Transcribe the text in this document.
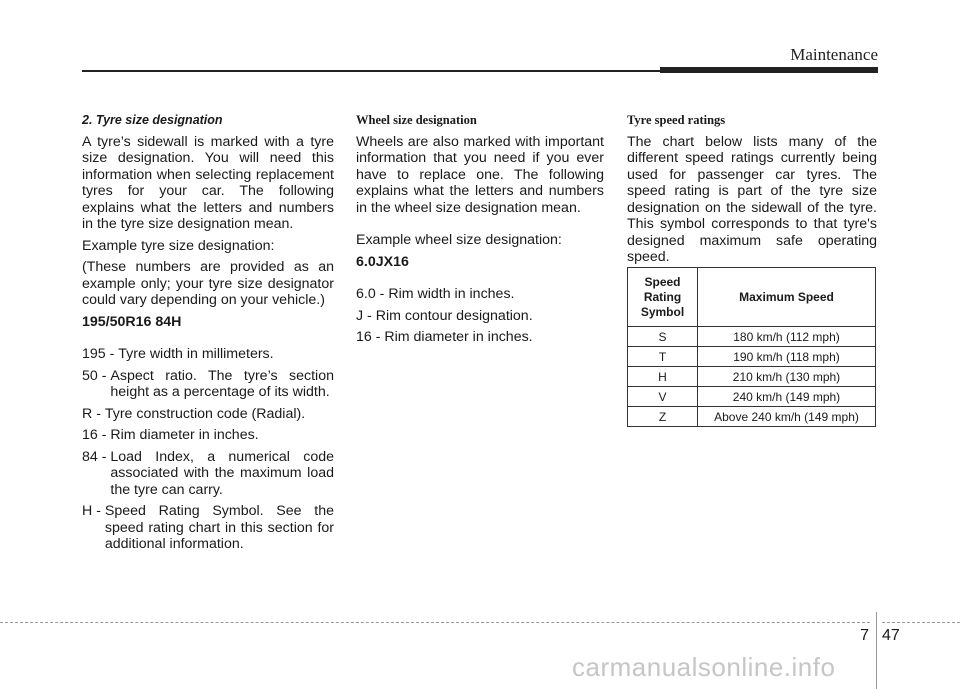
Maintenance

2. Tyre size designation

A tyre’s sidewall is marked with a tyre size designation. You will need this information when selecting replacement tyres for your car. The following explains what the letters and numbers in the tyre size designation mean.

Example tyre size designation:

(These numbers are provided as an example only; your tyre size designator could vary depending on your vehicle.)

195/50R16 84H

195 - Tyre width in millimeters.
50 - Aspect ratio. The tyre’s section height as a percentage of its width.
R - Tyre construction code (Radial).
16 - Rim diameter in inches.
84 - Load Index, a numerical code associated with the maximum load the tyre can carry.
H - Speed Rating Symbol. See the speed rating chart in this section for additional information.

Wheel size designation

Wheels are also marked with important information that you need if you ever have to replace one. The following explains what the letters and numbers in the wheel size designation mean.

Example wheel size designation:

6.0JX16

6.0 - Rim width in inches.

J - Rim contour designation.

16 - Rim diameter in inches.

Tyre speed ratings

The chart below lists many of the different speed ratings currently being used for passenger car tyres. The speed rating is part of the tyre size designation on the sidewall of the tyre. This symbol corresponds to that tyre's designed maximum safe operating speed.

Speed
Rating
Symbol	Maximum Speed
S	180 km/h (112 mph)
T	190 km/h (118 mph)
H	210 km/h (130 mph)
V	240 km/h (149 mph)
Z	Above 240 km/h (149 mph)
7 47
carmanualsonline.info
